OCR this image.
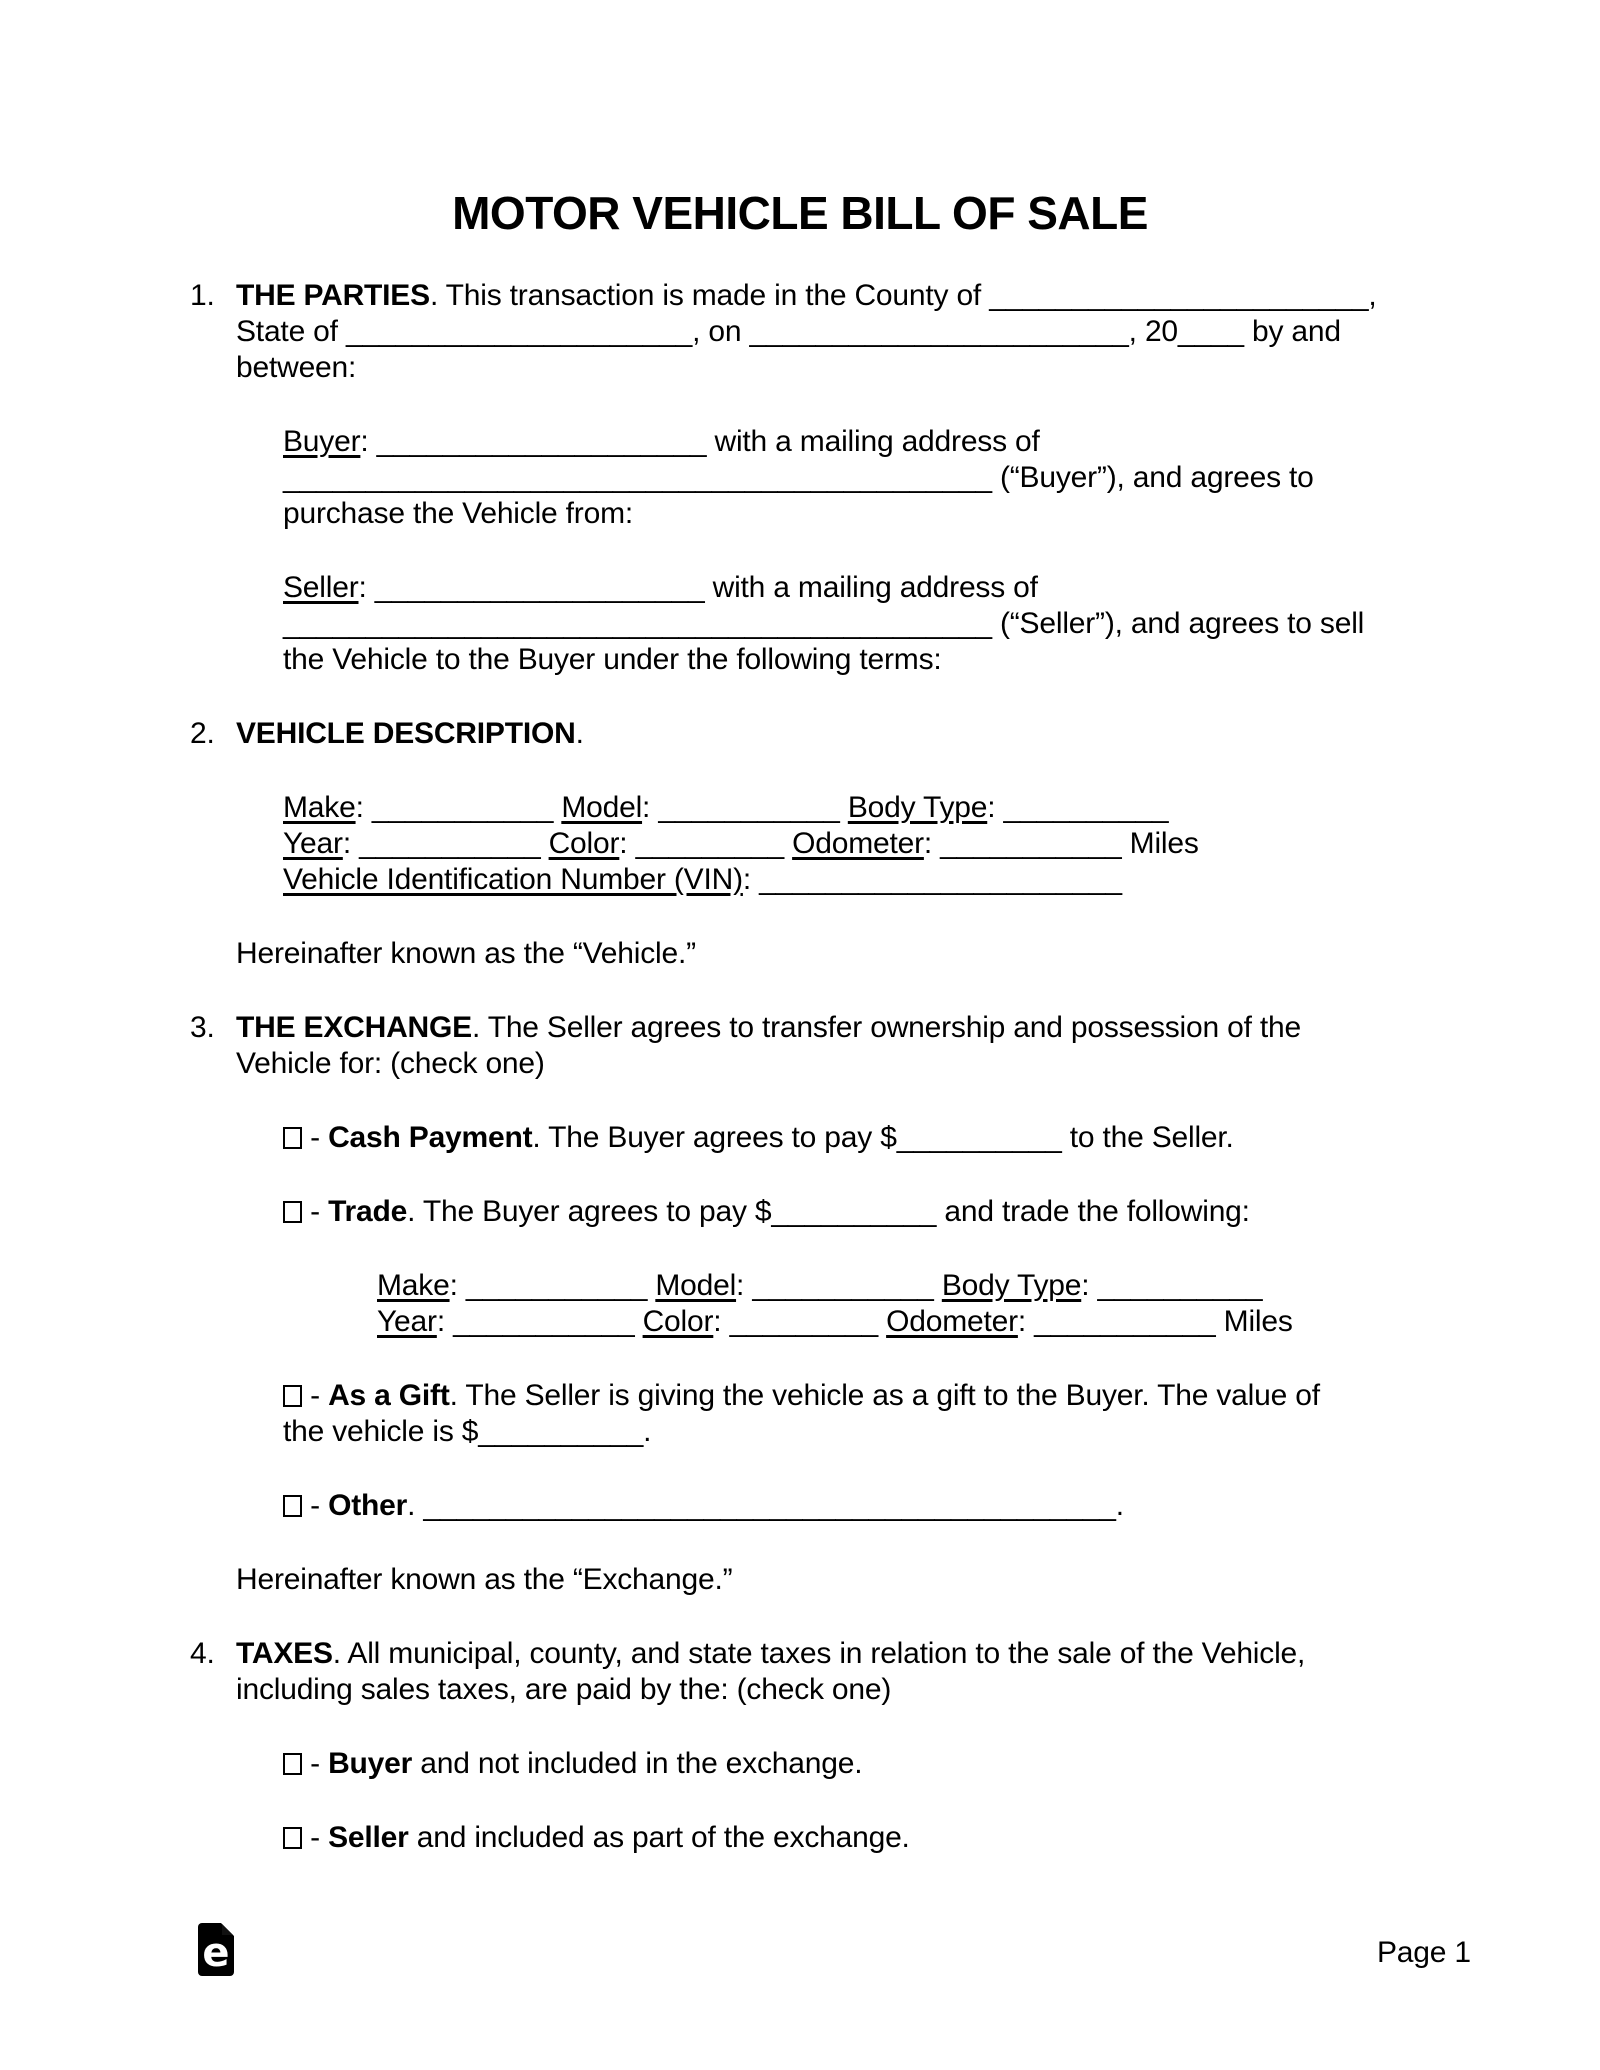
MOTOR VEHICLE BILL OF SALE
1. THE PARTIES. This transaction is made in the County of _______________________,
State of _____________________, on _______________________, 20____ by and
between:
Buyer: ____________________ with a mailing address of
___________________________________________ (“Buyer”), and agrees to
purchase the Vehicle from:
Seller: ____________________ with a mailing address of
___________________________________________ (“Seller”), and agrees to sell
the Vehicle to the Buyer under the following terms:
2. VEHICLE DESCRIPTION.
Make: ___________ Model: ___________ Body Type: __________
Year: ___________ Color: _________ Odometer: ___________ Miles
Vehicle Identification Number (VIN): ______________________
Hereinafter known as the “Vehicle.”
3. THE EXCHANGE. The Seller agrees to transfer ownership and possession of the
Vehicle for: (check one)
- Cash Payment. The Buyer agrees to pay $__________ to the Seller.
- Trade. The Buyer agrees to pay $__________ and trade the following:
Make: ___________ Model: ___________ Body Type: __________
Year: ___________ Color: _________ Odometer: ___________ Miles
- As a Gift. The Seller is giving the vehicle as a gift to the Buyer. The value of
the vehicle is $__________.
- Other. __________________________________________.
Hereinafter known as the “Exchange.”
4. TAXES. All municipal, county, and state taxes in relation to the sale of the Vehicle,
including sales taxes, are paid by the: (check one)
- Buyer and not included in the exchange.
- Seller and included as part of the exchange.
e	Page 1
